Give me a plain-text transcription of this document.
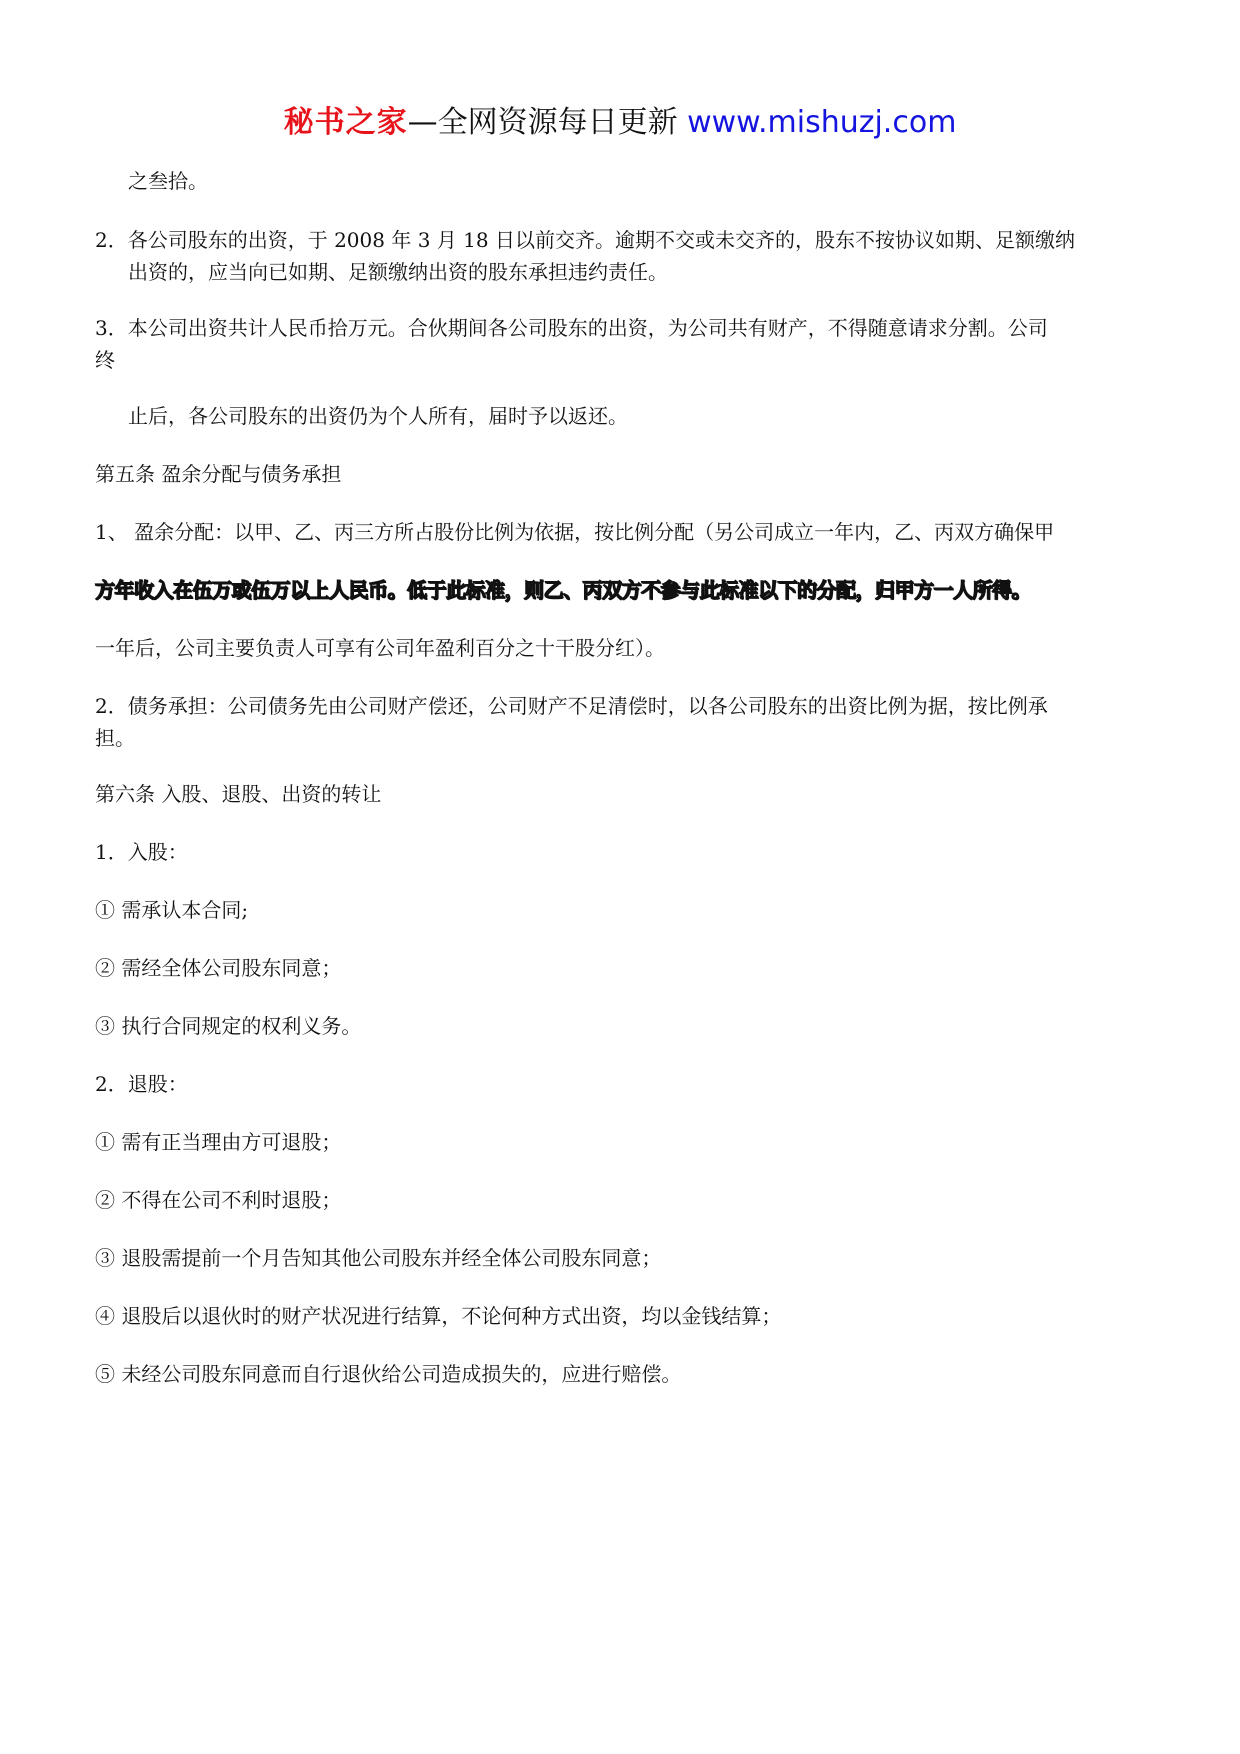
秘书之家—全网资源每日更新 www.mishuzj.com
之叁拾。
2．各公司股东的出资，于 2008 年 3 月 18 日以前交齐。逾期不交或未交齐的，股东不按协议如期、足额缴纳
出资的，应当向已如期、足额缴纳出资的股东承担违约责任。
3．本公司出资共计人民币拾万元。合伙期间各公司股东的出资，为公司共有财产，不得随意请求分割。公司
终
止后，各公司股东的出资仍为个人所有，届时予以返还。
第五条 盈余分配与债务承担
1、 盈余分配：以甲、乙、丙三方所占股份比例为依据，按比例分配（另公司成立一年内，乙、丙双方确保甲
方年收入在伍万或伍万以上人民币。低于此标准，则乙、丙双方不参与此标准以下的分配，归甲方一人所得。
一年后，公司主要负责人可享有公司年盈利百分之十干股分红）。
2．债务承担：公司债务先由公司财产偿还，公司财产不足清偿时，以各公司股东的出资比例为据，按比例承
担。
第六条 入股、退股、出资的转让
1．入股：
① 需承认本合同;
② 需经全体公司股东同意；
③ 执行合同规定的权利义务。
2．退股：
① 需有正当理由方可退股；
② 不得在公司不利时退股；
③ 退股需提前一个月告知其他公司股东并经全体公司股东同意；
④ 退股后以退伙时的财产状况进行结算，不论何种方式出资，均以金钱结算；
⑤ 未经公司股东同意而自行退伙给公司造成损失的，应进行赔偿。
